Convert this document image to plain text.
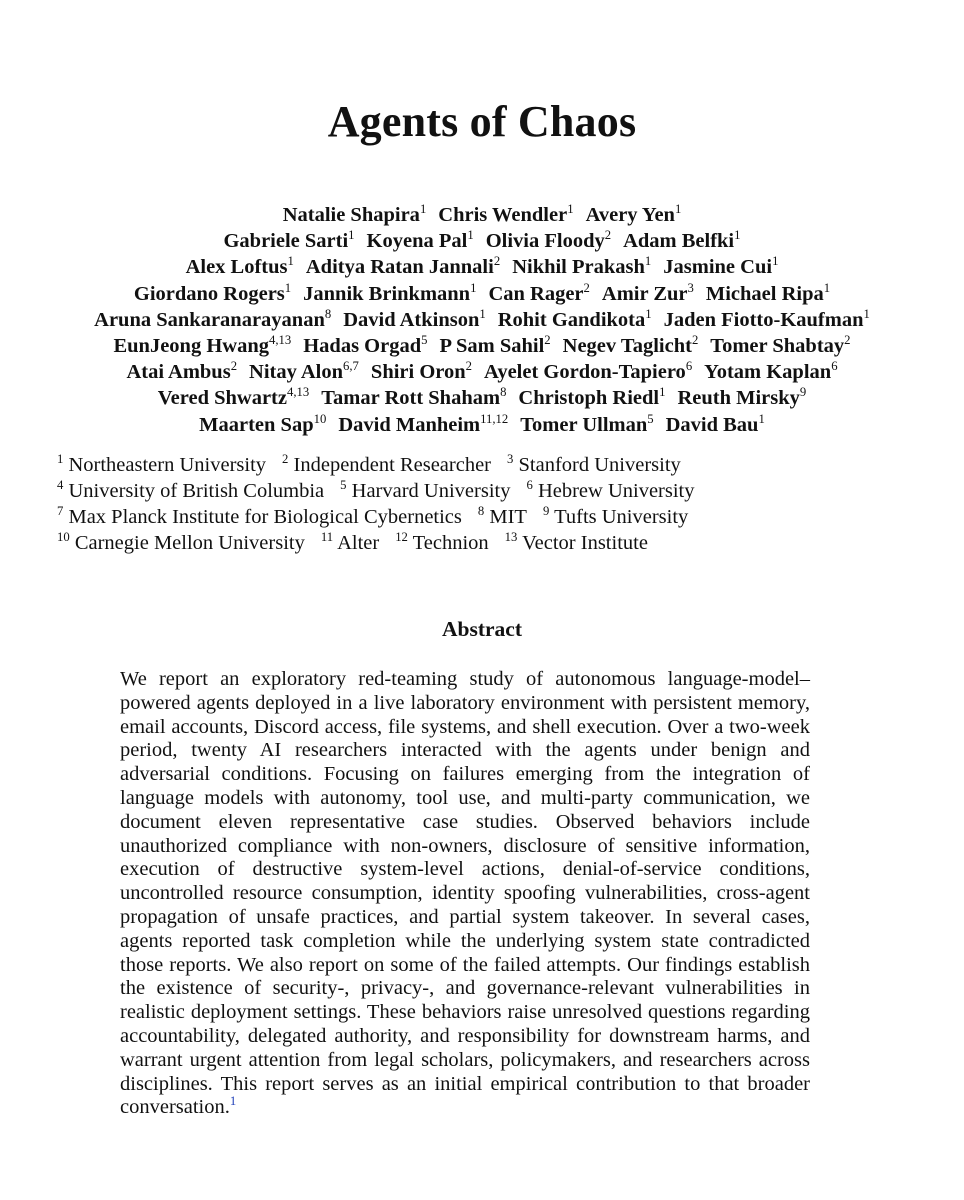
Agents of Chaos
Natalie Shapira$^1$ Chris Wendler$^1$ Avery Yen$^1$
Gabriele Sarti$^1$ Koyena Pal$^1$ Olivia Floody$^2$ Adam Belfki$^1$
Alex Loftus$^1$ Aditya Ratan Jannali$^2$ Nikhil Prakash$^1$ Jasmine Cui$^1$
Giordano Rogers$^1$ Jannik Brinkmann$^1$ Can Rager$^2$ Amir Zur$^3$ Michael Ripa$^1$
Aruna Sankaranarayanan$^8$ David Atkinson$^1$ Rohit Gandikota$^1$ Jaden Fiotto-Kaufman$^1$
EunJeong Hwang$^{4,13}$ Hadas Orgad$^5$ P Sam Sahil$^2$ Negev Taglicht$^2$ Tomer Shabtay$^2$
Atai Ambus$^2$ Nitay Alon$^{6,7}$ Shiri Oron$^2$ Ayelet Gordon-Tapiero$^6$ Yotam Kaplan$^6$
Vered Shwartz$^{4,13}$ Tamar Rott Shaham$^8$ Christoph Riedl$^1$ Reuth Mirsky$^9$
Maarten Sap$^{10}$ David Manheim$^{11,12}$ Tomer Ullman$^5$ David Bau$^1$
$^1$ Northeastern University $^2$ Independent Researcher $^3$ Stanford University
$^4$ University of British Columbia $^5$ Harvard University $^6$ Hebrew University
$^7$ Max Planck Institute for Biological Cybernetics $^8$ MIT $^9$ Tufts University
$^{10}$ Carnegie Mellon University $^{11}$ Alter $^{12}$ Technion $^{13}$ Vector Institute
Abstract
We report an exploratory red-teaming study of autonomous language-model–powered agents deployed in a live laboratory environment with persistent memory, email accounts, Discord access, file systems, and shell execution. Over a two-week period, twenty AI researchers interacted with the agents under benign and adversarial conditions. Focusing on failures emerging from the integration of language models with autonomy, tool use, and multi-party communication, we document eleven representative case studies. Observed behaviors include unauthorized compliance with non-owners, disclosure of sensitive information, execution of destructive system-level actions, denial-of-service conditions, uncontrolled resource consumption, identity spoofing vulnerabilities, cross-agent propagation of unsafe practices, and partial system takeover. In several cases, agents reported task completion while the underlying system state contradicted those reports. We also report on some of the failed attempts. Our findings establish the existence of security-, privacy-, and governance-relevant vulnerabilities in realistic deployment settings. These behaviors raise unresolved questions regarding accountability, delegated authority, and responsibility for downstream harms, and warrant urgent attention from legal scholars, policymakers, and researchers across disciplines. This report serves as an initial empirical contribution to that broader conversation.$^1$
